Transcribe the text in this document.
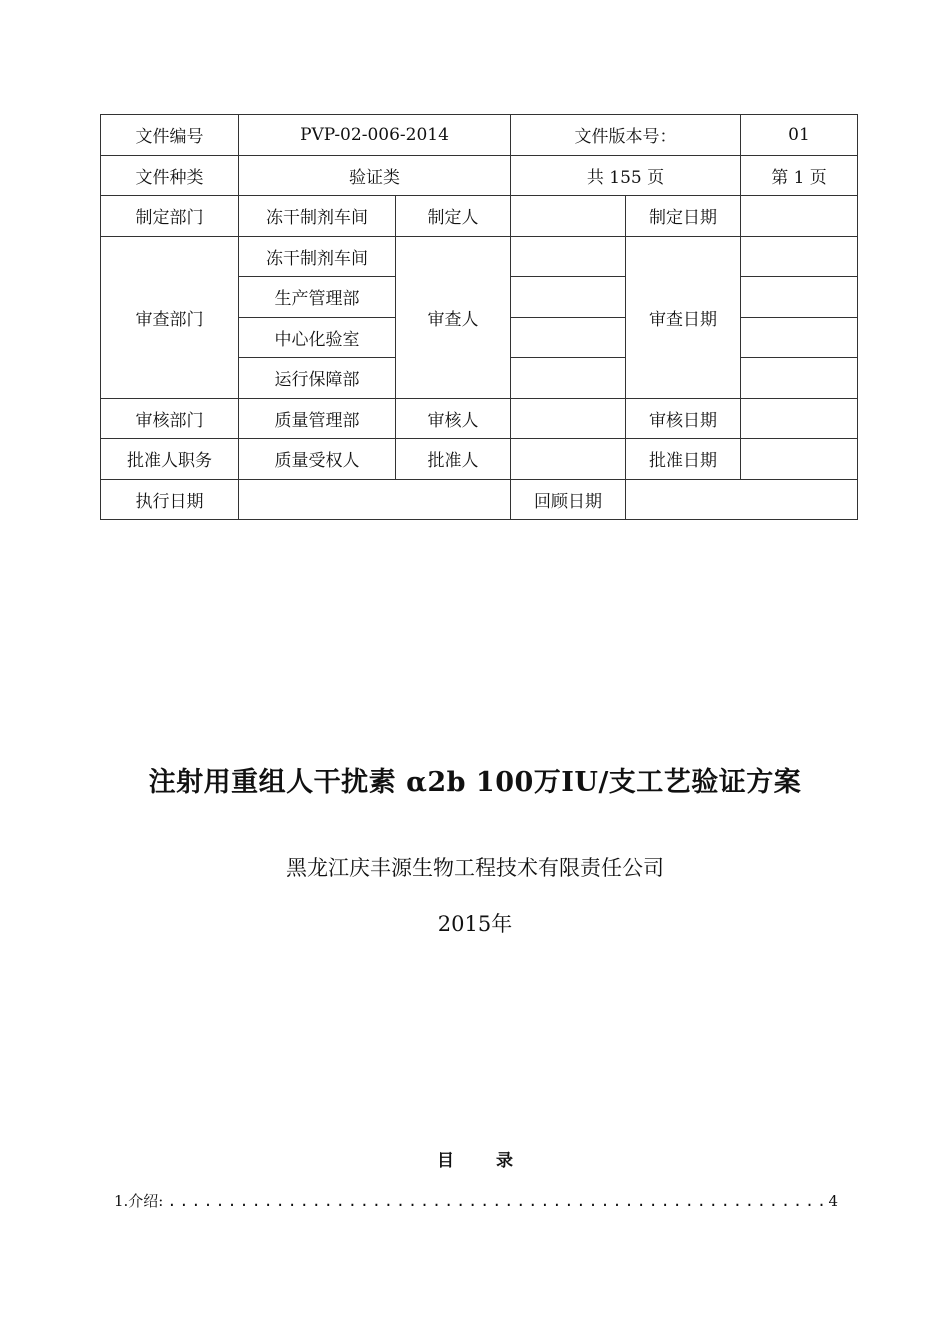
文件编号	PVP-02-006-2014		文件版本号：		01
文件种类	验证类		共 155 页		第 1 页
制定部门	冻干制剂车间	制定人		制定日期	
审查部门	冻干制剂车间	审查人		审查日期	
	生产管理部				
	中心化验室				
	运行保障部				
审核部门	质量管理部	审核人		审核日期	
批准人职务	质量受权人	批准人		批准日期	
执行日期			回顾日期		
注射用重组人干扰素 α2b 100万IU/支工艺验证方案
黑龙江庆丰源生物工程技术有限责任公司
2015年
目 录
1.介绍: .....	4
